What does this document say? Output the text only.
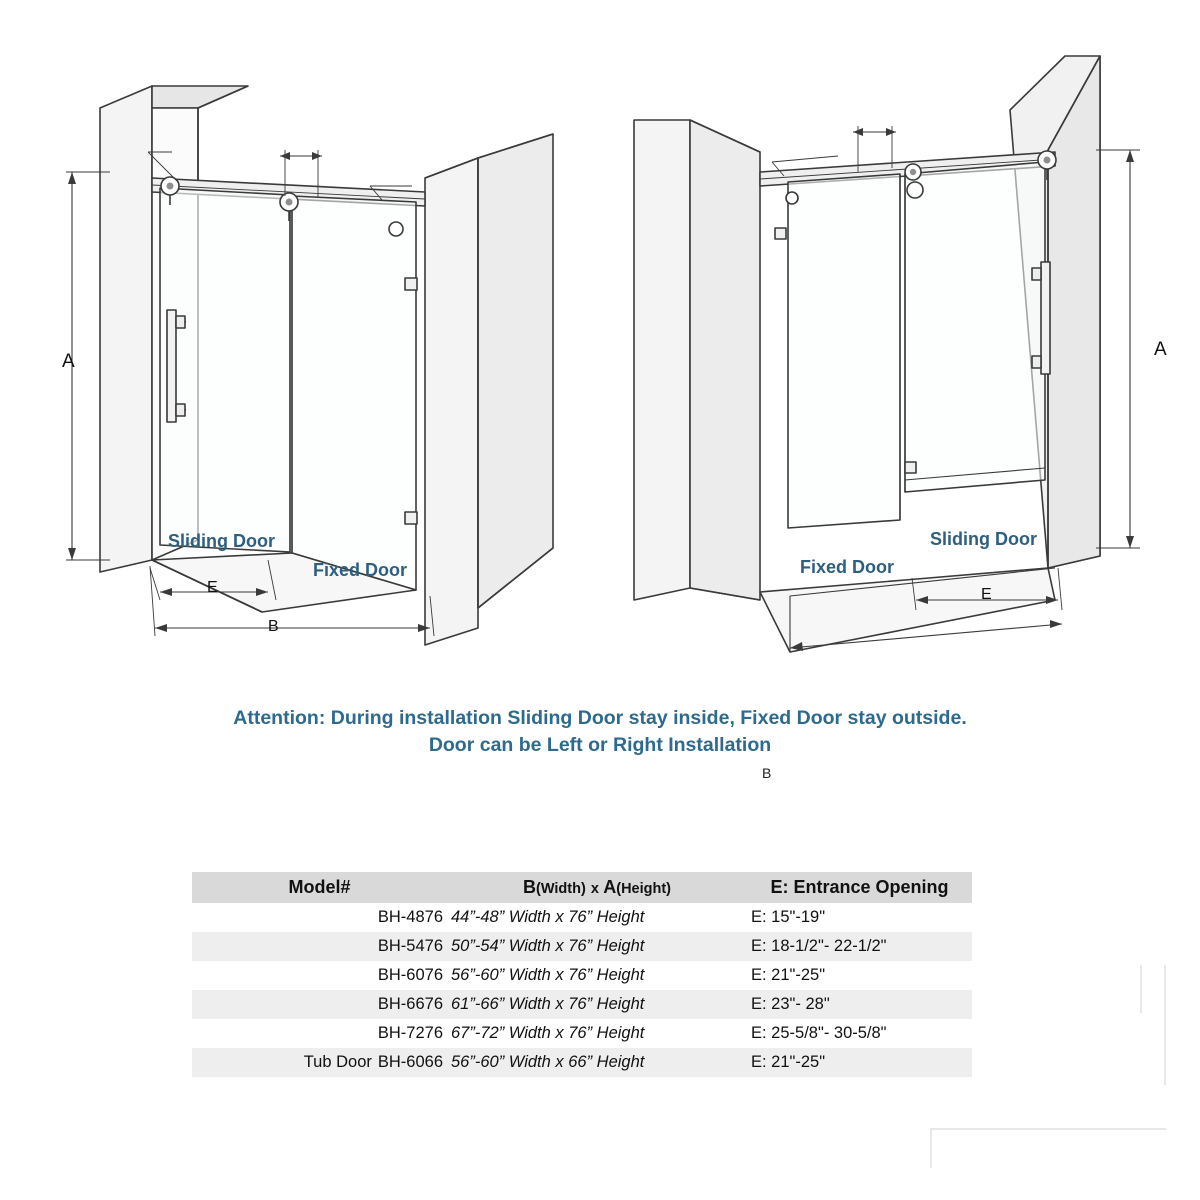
Sliding Door
Fixed Door	Fixed Door
Sliding Door
A
E
B
A
E
Attention: During installation Sliding Door stay inside, Fixed Door stay outside.
Door can be Left or Right Installation
B
Model#	B(Width) x A(Height)	E: Entrance Opening
BH-4876	44”-48” Width x 76” Height	E: 15"-19"
BH-5476	50”-54” Width x 76” Height	E: 18-1/2"- 22-1/2"
BH-6076	56”-60” Width x 76” Height	E: 21"-25"
BH-6676	61”-66” Width x 76” Height	E: 23"- 28"
BH-7276	67”-72” Width x 76” Height	E: 25-5/8"- 30-5/8"
Tub Door BH-6066	56”-60” Width x 66” Height	E: 21"-25"
